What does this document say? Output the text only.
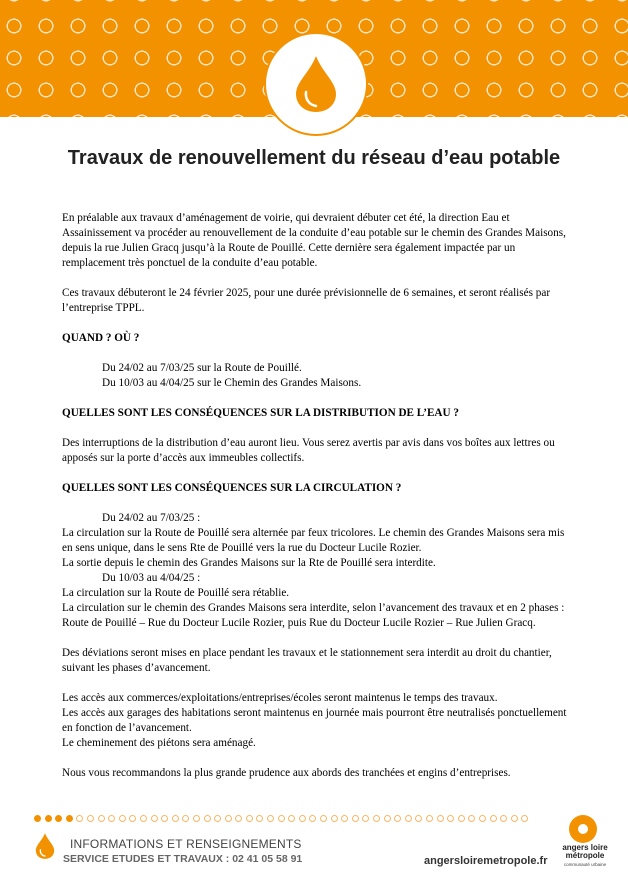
Travaux de renouvellement du réseau d’eau potable

En préalable aux travaux d’aménagement de voirie, qui devraient débuter cet été, la direction Eau et Assainissement va procéder au renouvellement de la conduite d’eau potable sur le chemin des Grandes Maisons, depuis la rue Julien Gracq jusqu’à la Route de Pouillé. Cette dernière sera également impactée par un remplacement très ponctuel de la conduite d’eau potable.

Ces travaux débuteront le 24 février 2025, pour une durée prévisionnelle de 6 semaines, et seront réalisés par l’entreprise TPPL.

QUAND ? OÙ ?

Du 24/02 au 7/03/25 sur la Route de Pouillé.
Du 10/03 au 4/04/25 sur le Chemin des Grandes Maisons.

QUELLES SONT LES CONSÉQUENCES SUR LA DISTRIBUTION DE L’EAU ?

Des interruptions de la distribution d’eau auront lieu. Vous serez avertis par avis dans vos boîtes aux lettres ou apposés sur la porte d’accès aux immeubles collectifs.

QUELLES SONT LES CONSÉQUENCES SUR LA CIRCULATION ?

Du 24/02 au 7/03/25 :
La circulation sur la Route de Pouillé sera alternée par feux tricolores. Le chemin des Grandes Maisons sera mis en sens unique, dans le sens Rte de Pouillé vers la rue du Docteur Lucile Rozier.
La sortie depuis le chemin des Grandes Maisons sur la Rte de Pouillé sera interdite.
Du 10/03 au 4/04/25 :
La circulation sur la Route de Pouillé sera rétablie.
La circulation sur le chemin des Grandes Maisons sera interdite, selon l’avancement des travaux et en 2 phases : Route de Pouillé – Rue du Docteur Lucile Rozier, puis Rue du Docteur Lucile Rozier – Rue Julien Gracq.

Des déviations seront mises en place pendant les travaux et le stationnement sera interdit au droit du chantier, suivant les phases d’avancement.

Les accès aux commerces/exploitations/entreprises/écoles seront maintenus le temps des travaux.
Les accès aux garages des habitations seront maintenus en journée mais pourront être neutralisés ponctuellement en fonction de l’avancement.
Le cheminement des piétons sera aménagé.

Nous vous recommandons la plus grande prudence aux abords des tranchées et engins d’entreprises.

INFORMATIONS ET RENSEIGNEMENTS
SERVICE ETUDES ET TRAVAUX : 02 41 05 58 91	angersloiremetropole.fr
angers loire
métropole
communauté urbaine
